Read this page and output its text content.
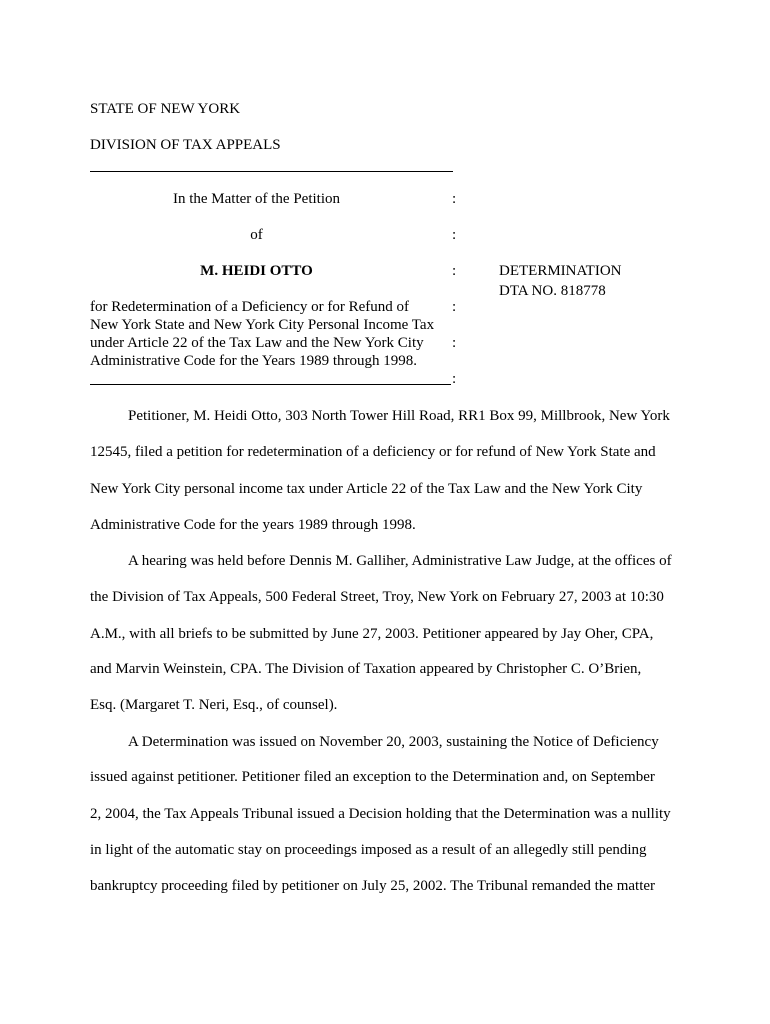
STATE OF NEW YORK
DIVISION OF TAX APPEALS
In the Matter of the Petition	:
of	:
M. HEIDI OTTO	:	DETERMINATION
DTA NO. 818778
for Redetermination of a Deficiency or for Refund of	:
New York State and New York City Personal Income Tax
under Article 22 of the Tax Law and the New York City :
Administrative Code for the Years 1989 through 1998.
:
Petitioner, M. Heidi Otto, 303 North Tower Hill Road, RR1 Box 99, Millbrook, New York
12545, filed a petition for redetermination of a deficiency or for refund of New York State and
New York City personal income tax under Article 22 of the Tax Law and the New York City
Administrative Code for the years 1989 through 1998.
A hearing was held before Dennis M. Galliher, Administrative Law Judge, at the offices of
the Division of Tax Appeals, 500 Federal Street, Troy, New York on February 27, 2003 at 10:30
A.M., with all briefs to be submitted by June 27, 2003. Petitioner appeared by Jay Oher, CPA,
and Marvin Weinstein, CPA. The Division of Taxation appeared by Christopher C. O’Brien,
Esq. (Margaret T. Neri, Esq., of counsel).
A Determination was issued on November 20, 2003, sustaining the Notice of Deficiency
issued against petitioner. Petitioner filed an exception to the Determination and, on September
2, 2004, the Tax Appeals Tribunal issued a Decision holding that the Determination was a nullity
in light of the automatic stay on proceedings imposed as a result of an allegedly still pending
bankruptcy proceeding filed by petitioner on July 25, 2002. The Tribunal remanded the matter
